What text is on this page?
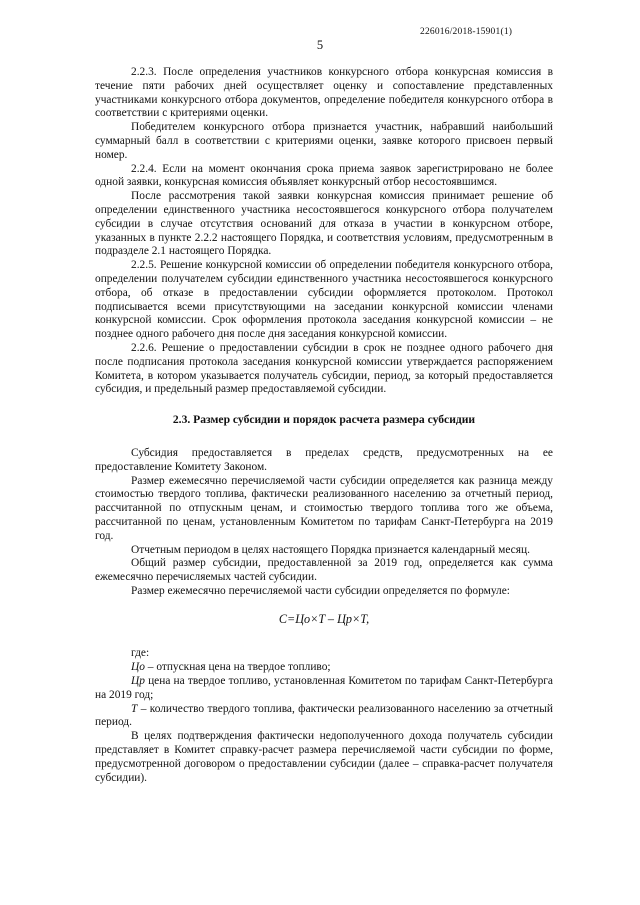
226016/2018-15901(1)
5

2.2.3. После определения участников конкурсного отбора конкурсная комиссия в течение пяти рабочих дней осуществляет оценку и сопоставление представленных участниками конкурсного отбора документов, определение победителя конкурсного отбора в соответствии с критериями оценки.

Победителем конкурсного отбора признается участник, набравший наибольший суммарный балл в соответствии с критериями оценки, заявке которого присвоен первый номер.

2.2.4. Если на момент окончания срока приема заявок зарегистрировано не более одной заявки, конкурсная комиссия объявляет конкурсный отбор несостоявшимся.

После рассмотрения такой заявки конкурсная комиссия принимает решение об определении единственного участника несостоявшегося конкурсного отбора получателем субсидии в случае отсутствия оснований для отказа в участии в конкурсном отборе, указанных в пункте 2.2.2 настоящего Порядка, и соответствия условиям, предусмотренным в подразделе 2.1 настоящего Порядка.

2.2.5. Решение конкурсной комиссии об определении победителя конкурсного отбора, определении получателем субсидии единственного участника несостоявшегося конкурсного отбора, об отказе в предоставлении субсидии оформляется протоколом. Протокол подписывается всеми присутствующими на заседании конкурсной комиссии членами конкурсной комиссии. Срок оформления протокола заседания конкурсной комиссии – не позднее одного рабочего дня после дня заседания конкурсной комиссии.

2.2.6. Решение о предоставлении субсидии в срок не позднее одного рабочего дня после подписания протокола заседания конкурсной комиссии утверждается распоряжением Комитета, в котором указывается получатель субсидии, период, за который предоставляется субсидия, и предельный размер предоставляемой субсидии.

2.3. Размер субсидии и порядок расчета размера субсидии

Субсидия предоставляется в пределах средств, предусмотренных на ее предоставление Комитету Законом.

Размер ежемесячно перечисляемой части субсидии определяется как разница между стоимостью твердого топлива, фактически реализованного населению за отчетный период, рассчитанной по отпускным ценам, и стоимостью твердого топлива того же объема, рассчитанной по ценам, установленным Комитетом по тарифам Санкт-Петербурга на 2019 год.

Отчетным периодом в целях настоящего Порядка признается календарный месяц.

Общий размер субсидии, предоставленной за 2019 год, определяется как сумма ежемесячно перечисляемых частей субсидии.

Размер ежемесячно перечисляемой части субсидии определяется по формуле:

C=Цо×T – Цр×T,

где:

Цо – отпускная цена на твердое топливо;

Цр цена на твердое топливо, установленная Комитетом по тарифам Санкт-Петербурга на 2019 год;

T – количество твердого топлива, фактически реализованного населению за отчетный период.

В целях подтверждения фактически недополученного дохода получатель субсидии представляет в Комитет справку-расчет размера перечисляемой части субсидии по форме, предусмотренной договором о предоставлении субсидии (далее – справка-расчет получателя субсидии).
